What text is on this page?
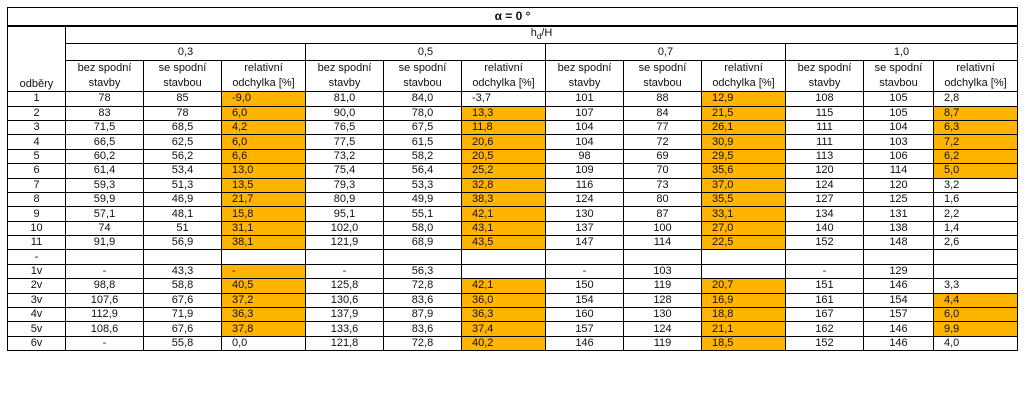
α = 0 °												
odběry	$h_d/H$											
	0,3			0,5			0,7			1,0		
	bez spodní	se spodní	relativní	bez spodní	se spodní	relativní	bez spodní	se spodní	relativní	bez spodní	se spodní	relativní
	stavby	stavbou	odchylka [%]	stavby	stavbou	odchylka [%]	stavby	stavbou	odchylka [%]	stavby	stavbou	odchylka [%]
1	78	85	-9,0	81,0	84,0	-3,7	101	88	12,9	108	105	2,8
2	83	78	6,0	90,0	78,0	13,3	107	84	21,5	115	105	8,7
3	71,5	68,5	4,2	76,5	67,5	11,8	104	77	26,1	111	104	6,3
4	66,5	62,5	6,0	77,5	61,5	20,6	104	72	30,9	111	103	7,2
5	60,2	56,2	6,6	73,2	58,2	20,5	98	69	29,5	113	106	6,2
6	61,4	53,4	13,0	75,4	56,4	25,2	109	70	35,6	120	114	5,0
7	59,3	51,3	13,5	79,3	53,3	32,8	116	73	37,0	124	120	3,2
8	59,9	46,9	21,7	80,9	49,9	38,3	124	80	35,5	127	125	1,6
9	57,1	48,1	15,8	95,1	55,1	42,1	130	87	33,1	134	131	2,2
10	74	51	31,1	102,0	58,0	43,1	137	100	27,0	140	138	1,4
11	91,9	56,9	38,1	121,9	68,9	43,5	147	114	22,5	152	148	2,6
-												
1v	-	43,3	-	-	56,3		-	103		-	129	
2v	98,8	58,8	40,5	125,8	72,8	42,1	150	119	20,7	151	146	3,3
3v	107,6	67,6	37,2	130,6	83,6	36,0	154	128	16,9	161	154	4,4
4v	112,9	71,9	36,3	137,9	87,9	36,3	160	130	18,8	167	157	6,0
5v	108,6	67,6	37,8	133,6	83,6	37,4	157	124	21,1	162	146	9,9
6v	-	55,8	0,0	121,8	72,8	40,2	146	119	18,5	152	146	4,0
